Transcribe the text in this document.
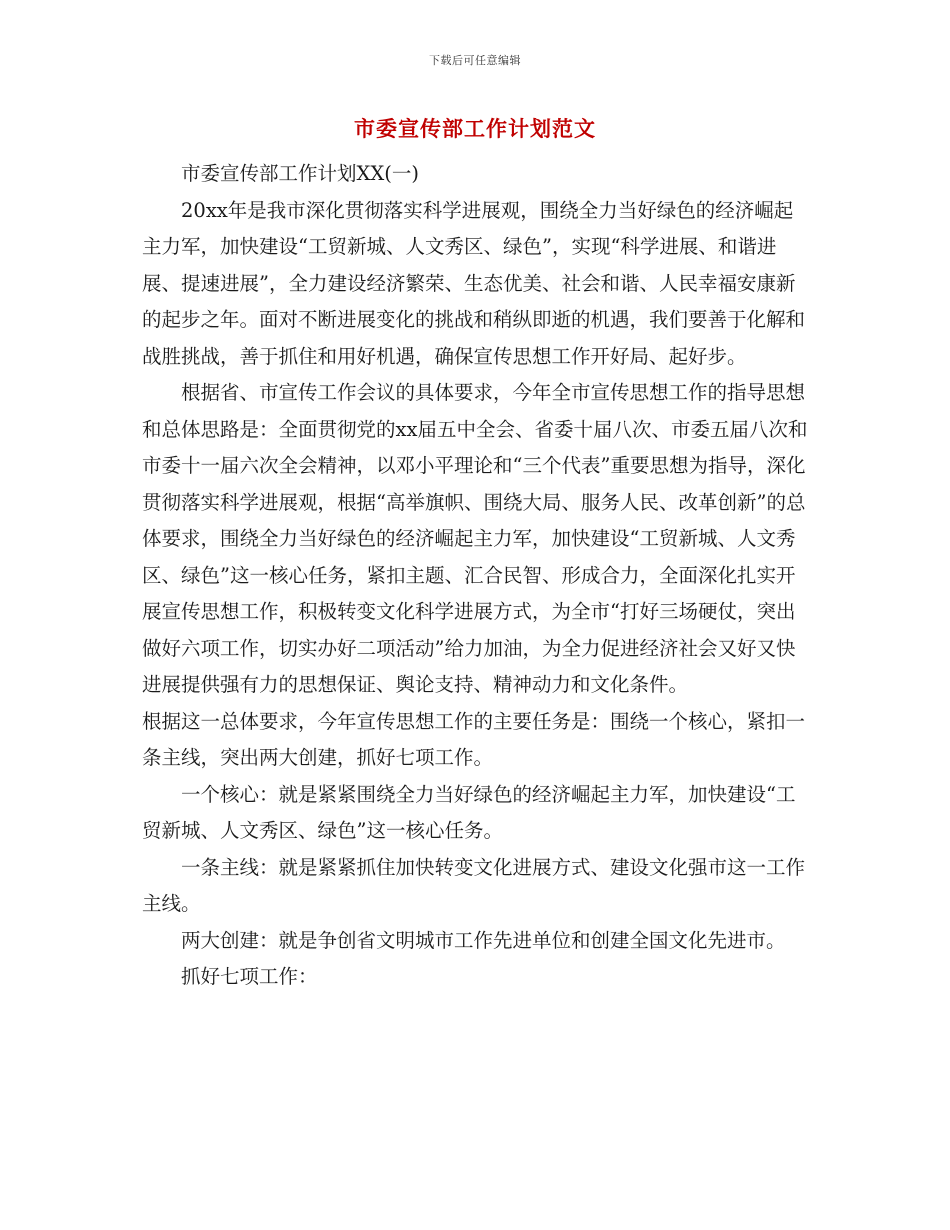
下载后可任意编辑
市委宣传部工作计划范文

市委宣传部工作计划XX(一)

20xx年是我市深化贯彻落实科学进展观，围绕全力当好绿色的经济崛起主力军，加快建设“工贸新城、人文秀区、绿色”，实现“科学进展、和谐进展、提速进展”，全力建设经济繁荣、生态优美、社会和谐、人民幸福安康新的起步之年。面对不断进展变化的挑战和稍纵即逝的机遇，我们要善于化解和战胜挑战，善于抓住和用好机遇，确保宣传思想工作开好局、起好步。

根据省、市宣传工作会议的具体要求，今年全市宣传思想工作的指导思想和总体思路是：全面贯彻党的xx届五中全会、省委十届八次、市委五届八次和市委十一届六次全会精神，以邓小平理论和“三个代表”重要思想为指导，深化贯彻落实科学进展观，根据“高举旗帜、围绕大局、服务人民、改革创新”的总体要求，围绕全力当好绿色的经济崛起主力军，加快建设“工贸新城、人文秀区、绿色”这一核心任务，紧扣主题、汇合民智、形成合力，全面深化扎实开展宣传思想工作，积极转变文化科学进展方式，为全市“打好三场硬仗，突出做好六项工作，切实办好二项活动”给力加油，为全力促进经济社会又好又快进展提供强有力的思想保证、舆论支持、精神动力和文化条件。

根据这一总体要求，今年宣传思想工作的主要任务是：围绕一个核心，紧扣一条主线，突出两大创建，抓好七项工作。

一个核心：就是紧紧围绕全力当好绿色的经济崛起主力军，加快建设“工贸新城、人文秀区、绿色”这一核心任务。

一条主线：就是紧紧抓住加快转变文化进展方式、建设文化强市这一工作主线。

两大创建：就是争创省文明城市工作先进单位和创建全国文化先进市。

抓好七项工作：
